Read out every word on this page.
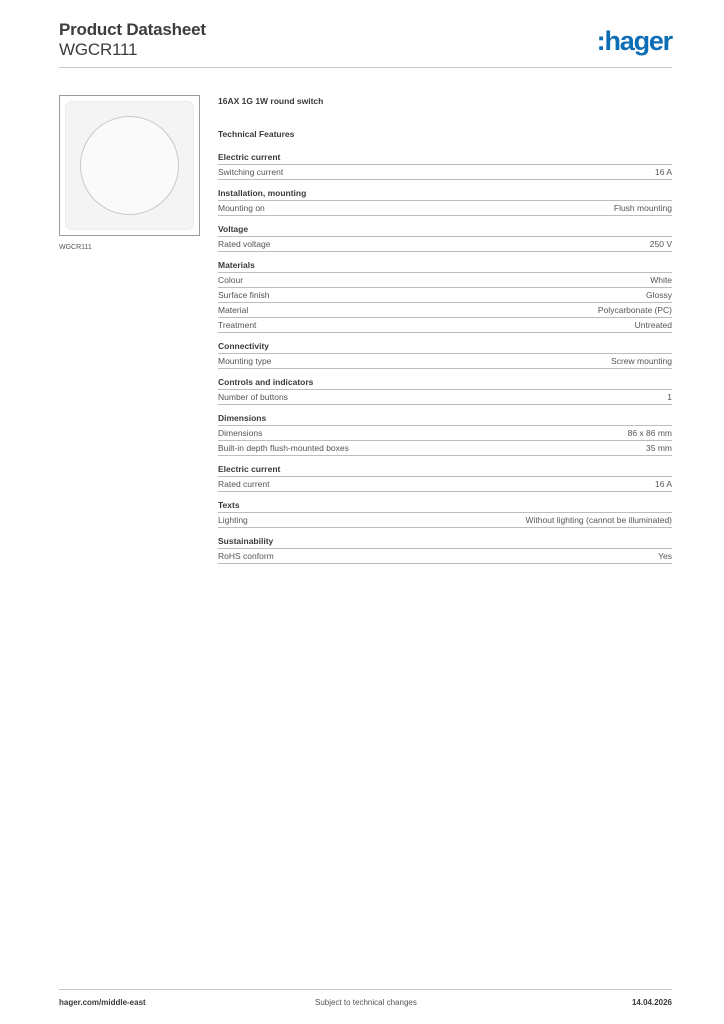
Product Datasheet
WGCR111	:hager
WGCR111
16AX 1G 1W round switch
Technical Features
Electric current
Switching current	16 A
Installation, mounting
Mounting on	Flush mounting
Voltage
Rated voltage	250 V
Materials
Colour	White
Surface finish	Glossy
Material	Polycarbonate (PC)
Treatment	Untreated
Connectivity
Mounting type	Screw mounting
Controls and indicators
Number of buttons	1
Dimensions
Dimensions	86 x 86 mm
Built-in depth flush-mounted boxes	35 mm
Electric current
Rated current	16 A
Texts
Lighting	Without lighting (cannot be illuminated)
Sustainability
RoHS conform	Yes
hager.com/middle-east	Subject to technical changes	14.04.2026
